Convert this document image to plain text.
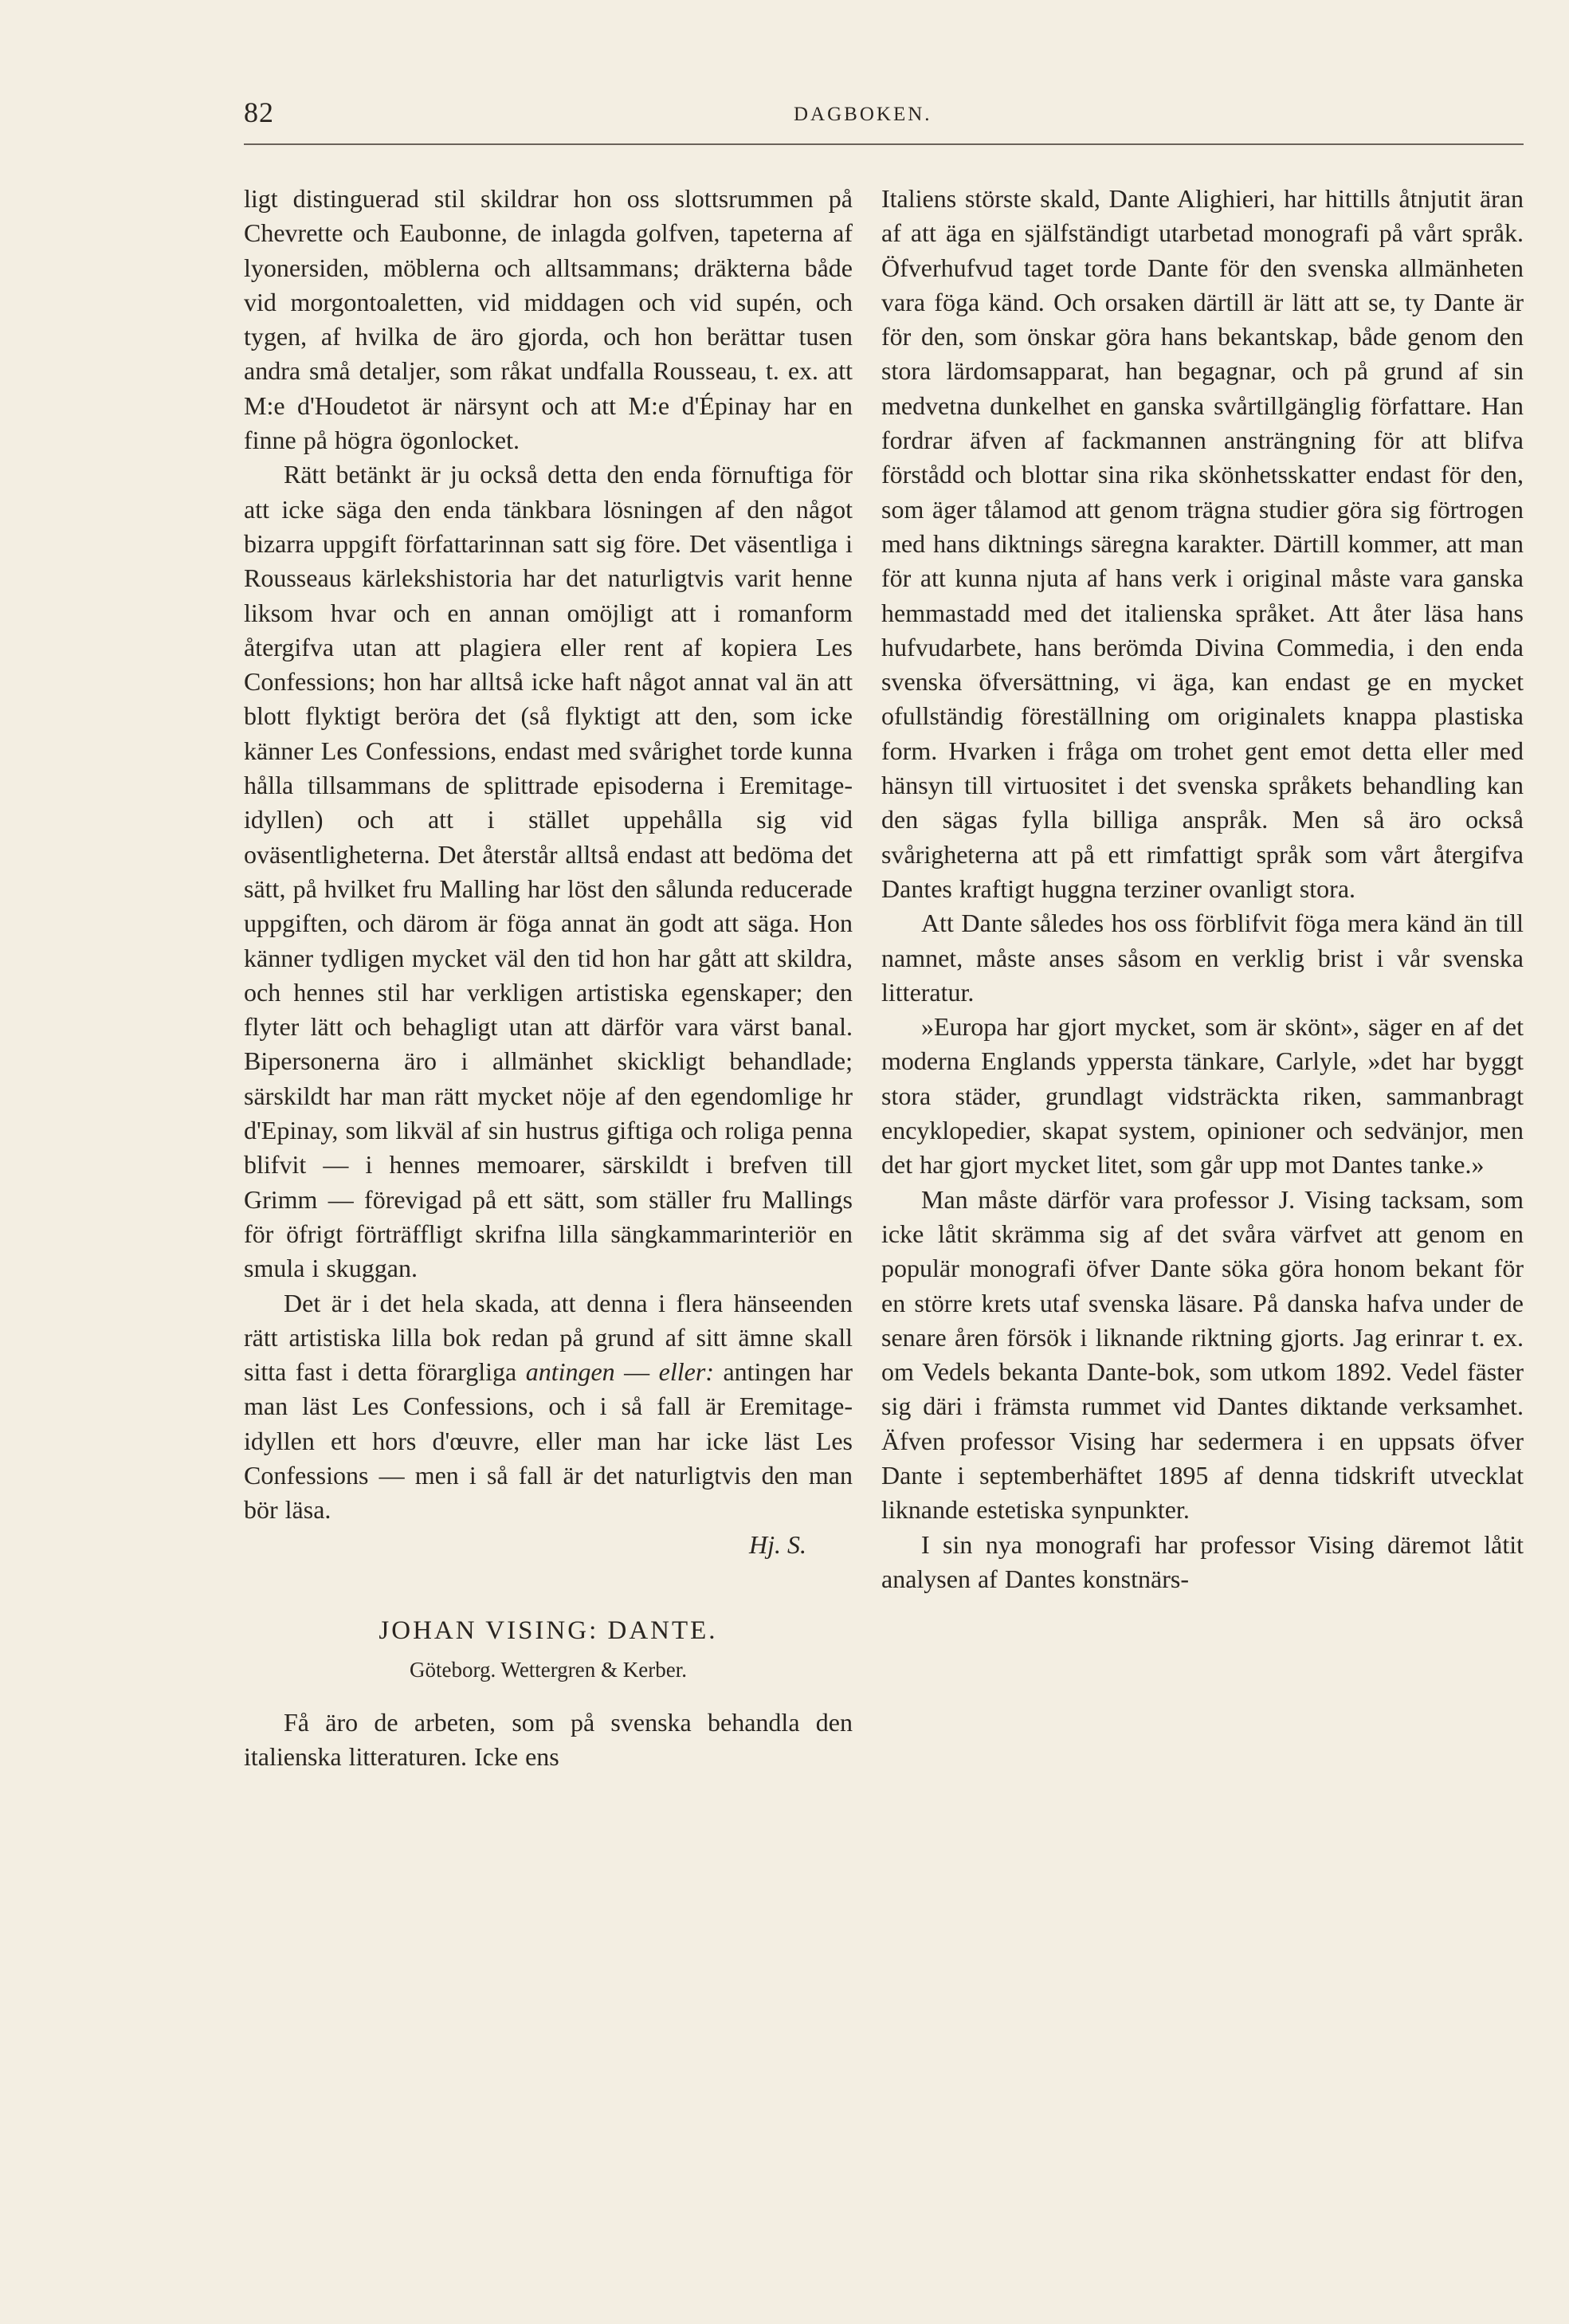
82	DAGBOKEN.

ligt distinguerad stil skildrar hon oss slottsrummen på Chevrette och Eaubonne, de inlagda golfven, tapeterna af lyonersiden, möblerna och alltsammans; dräkterna både vid morgontoaletten, vid middagen och vid supén, och tygen, af hvilka de äro gjorda, och hon berättar tusen andra små detaljer, som råkat undfalla Rousseau, t. ex. att M:e d'Houdetot är närsynt och att M:e d'Épinay har en finne på högra ögonlocket.

Rätt betänkt är ju också detta den enda förnuftiga för att icke säga den enda tänkbara lösningen af den något bizarra uppgift författarinnan satt sig före. Det väsentliga i Rousseaus kärlekshistoria har det naturligtvis varit henne liksom hvar och en annan omöjligt att i romanform återgifva utan att plagiera eller rent af kopiera Les Confessions; hon har alltså icke haft något annat val än att blott flyktigt beröra det (så flyktigt att den, som icke känner Les Confessions, endast med svårighet torde kunna hålla tillsammans de splittrade episoderna i Eremitage-idyllen) och att i stället uppehålla sig vid oväsentligheterna. Det återstår alltså endast att bedöma det sätt, på hvilket fru Malling har löst den sålunda reducerade uppgiften, och därom är föga annat än godt att säga. Hon känner tydligen mycket väl den tid hon har gått att skildra, och hennes stil har verkligen artistiska egenskaper; den flyter lätt och behagligt utan att därför vara värst banal. Bipersonerna äro i allmänhet skickligt behandlade; särskildt har man rätt mycket nöje af den egendomlige hr d'Epinay, som likväl af sin hustrus giftiga och roliga penna blifvit — i hennes memoarer, särskildt i brefven till Grimm — förevigad på ett sätt, som ställer fru Mallings för öfrigt förträffligt skrifna lilla sängkammarinteriör en smula i skuggan.

Det är i det hela skada, att denna i flera hänseenden rätt artistiska lilla bok redan på grund af sitt ämne skall sitta fast i detta förargliga antingen — eller: antingen har man läst Les Confessions, och i så fall är Eremitage-idyllen ett hors d'œuvre, eller man har icke läst Les Confessions — men i så fall är det naturligtvis den man bör läsa.

Hj. S.
JOHAN VISING: DANTE.
Göteborg. Wettergren & Kerber.

Få äro de arbeten, som på svenska behandla den italienska litteraturen. Icke ens

Italiens störste skald, Dante Alighieri, har hittills åtnjutit äran af att äga en själfständigt utarbetad monografi på vårt språk. Öfverhufvud taget torde Dante för den svenska allmänheten vara föga känd. Och orsaken därtill är lätt att se, ty Dante är för den, som önskar göra hans bekantskap, både genom den stora lärdomsapparat, han begagnar, och på grund af sin medvetna dunkelhet en ganska svårtillgänglig författare. Han fordrar äfven af fackmannen ansträngning för att blifva förstådd och blottar sina rika skönhetsskatter endast för den, som äger tålamod att genom trägna studier göra sig förtrogen med hans diktnings säregna karakter. Därtill kommer, att man för att kunna njuta af hans verk i original måste vara ganska hemmastadd med det italienska språket. Att åter läsa hans hufvudarbete, hans berömda Divina Commedia, i den enda svenska öfversättning, vi äga, kan endast ge en mycket ofullständig föreställning om originalets knappa plastiska form. Hvarken i fråga om trohet gent emot detta eller med hänsyn till virtuositet i det svenska språkets behandling kan den sägas fylla billiga anspråk. Men så äro också svårigheterna att på ett rimfattigt språk som vårt återgifva Dantes kraftigt huggna terziner ovanligt stora.

Att Dante således hos oss förblifvit föga mera känd än till namnet, måste anses såsom en verklig brist i vår svenska litteratur.

»Europa har gjort mycket, som är skönt», säger en af det moderna Englands yppersta tänkare, Carlyle, »det har byggt stora städer, grundlagt vidsträckta riken, sammanbragt encyklopedier, skapat system, opinioner och sedvänjor, men det har gjort mycket litet, som går upp mot Dantes tanke.»

Man måste därför vara professor J. Vising tacksam, som icke låtit skrämma sig af det svåra värfvet att genom en populär monografi öfver Dante söka göra honom bekant för en större krets utaf svenska läsare. På danska hafva under de senare åren försök i liknande riktning gjorts. Jag erinrar t. ex. om Vedels bekanta Dante-bok, som utkom 1892. Vedel fäster sig däri i främsta rummet vid Dantes diktande verksamhet. Äfven professor Vising har sedermera i en uppsats öfver Dante i septemberhäftet 1895 af denna tidskrift utvecklat liknande estetiska synpunkter.

I sin nya monografi har professor Vising däremot låtit analysen af Dantes konstnärs-
